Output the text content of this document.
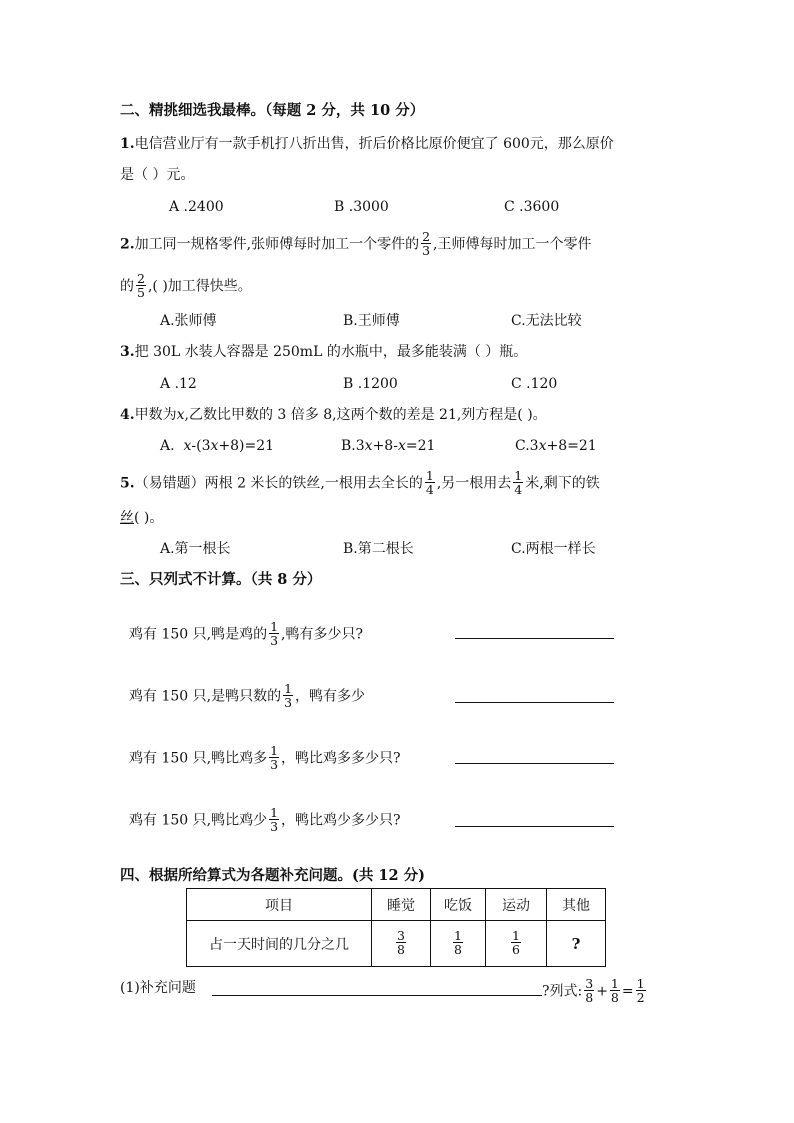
二、精挑细选我最棒。（每题 2 分，共 10 分）
1.电信营业厅有一款手机打八折出售，折后价格比原价便宜了 600元，那么原价
是（ ）元。
A .2400	B .3000	C .3600
2.加工同一规格零件,张师傅每时加工一个零件的 $\frac{2}{3}$ ,王师傅每时加工一个零件
的 $\frac{2}{5}$ ,( )加工得快些。
A.张师傅	B.王师傅	C.无法比较
3.把 30L 水装人容器是 250mL 的水瓶中，最多能装满（ ）瓶。
A .12	B .1200	C .120
4.甲数为x,乙数比甲数的 3 倍多 8,这两个数的差是 21,列方程是( )。
A. x-(3x+8)=21	B.3x+8-x=21	C.3x+8=21
5.（易错题）两根 2 米长的铁丝,一根用去全长的 $\frac{1}{4}$ ,另一根用去 $\frac{1}{4}$ 米,剩下的铁
丝( )。
A.第一根长	B.第二根长	C.两根一样长
三、只列式不计算。（共 8 分）
鸡有 150 只,鸭是鸡的 $\frac{1}{3}$ ,鸭有多少只?
鸡有 150 只,是鸭只数的 $\frac{1}{3}$ ，鸭有多少
鸡有 150 只,鸭比鸡多 $\frac{1}{3}$ ，鸭比鸡多多少只?
鸡有 150 只,鸭比鸡少 $\frac{1}{3}$ ，鸭比鸡少多少只?
四、根据所给算式为各题补充问题。(共 12 分)
项目	睡觉	吃饭	运动	其他
占一天时间的几分之几	$\frac{3}{8}$	$\frac{1}{8}$	$\frac{1}{6}$	?
(1)补充问题	?列式: $\frac{3}{8} + \frac{1}{8} = \frac{1}{2}$
